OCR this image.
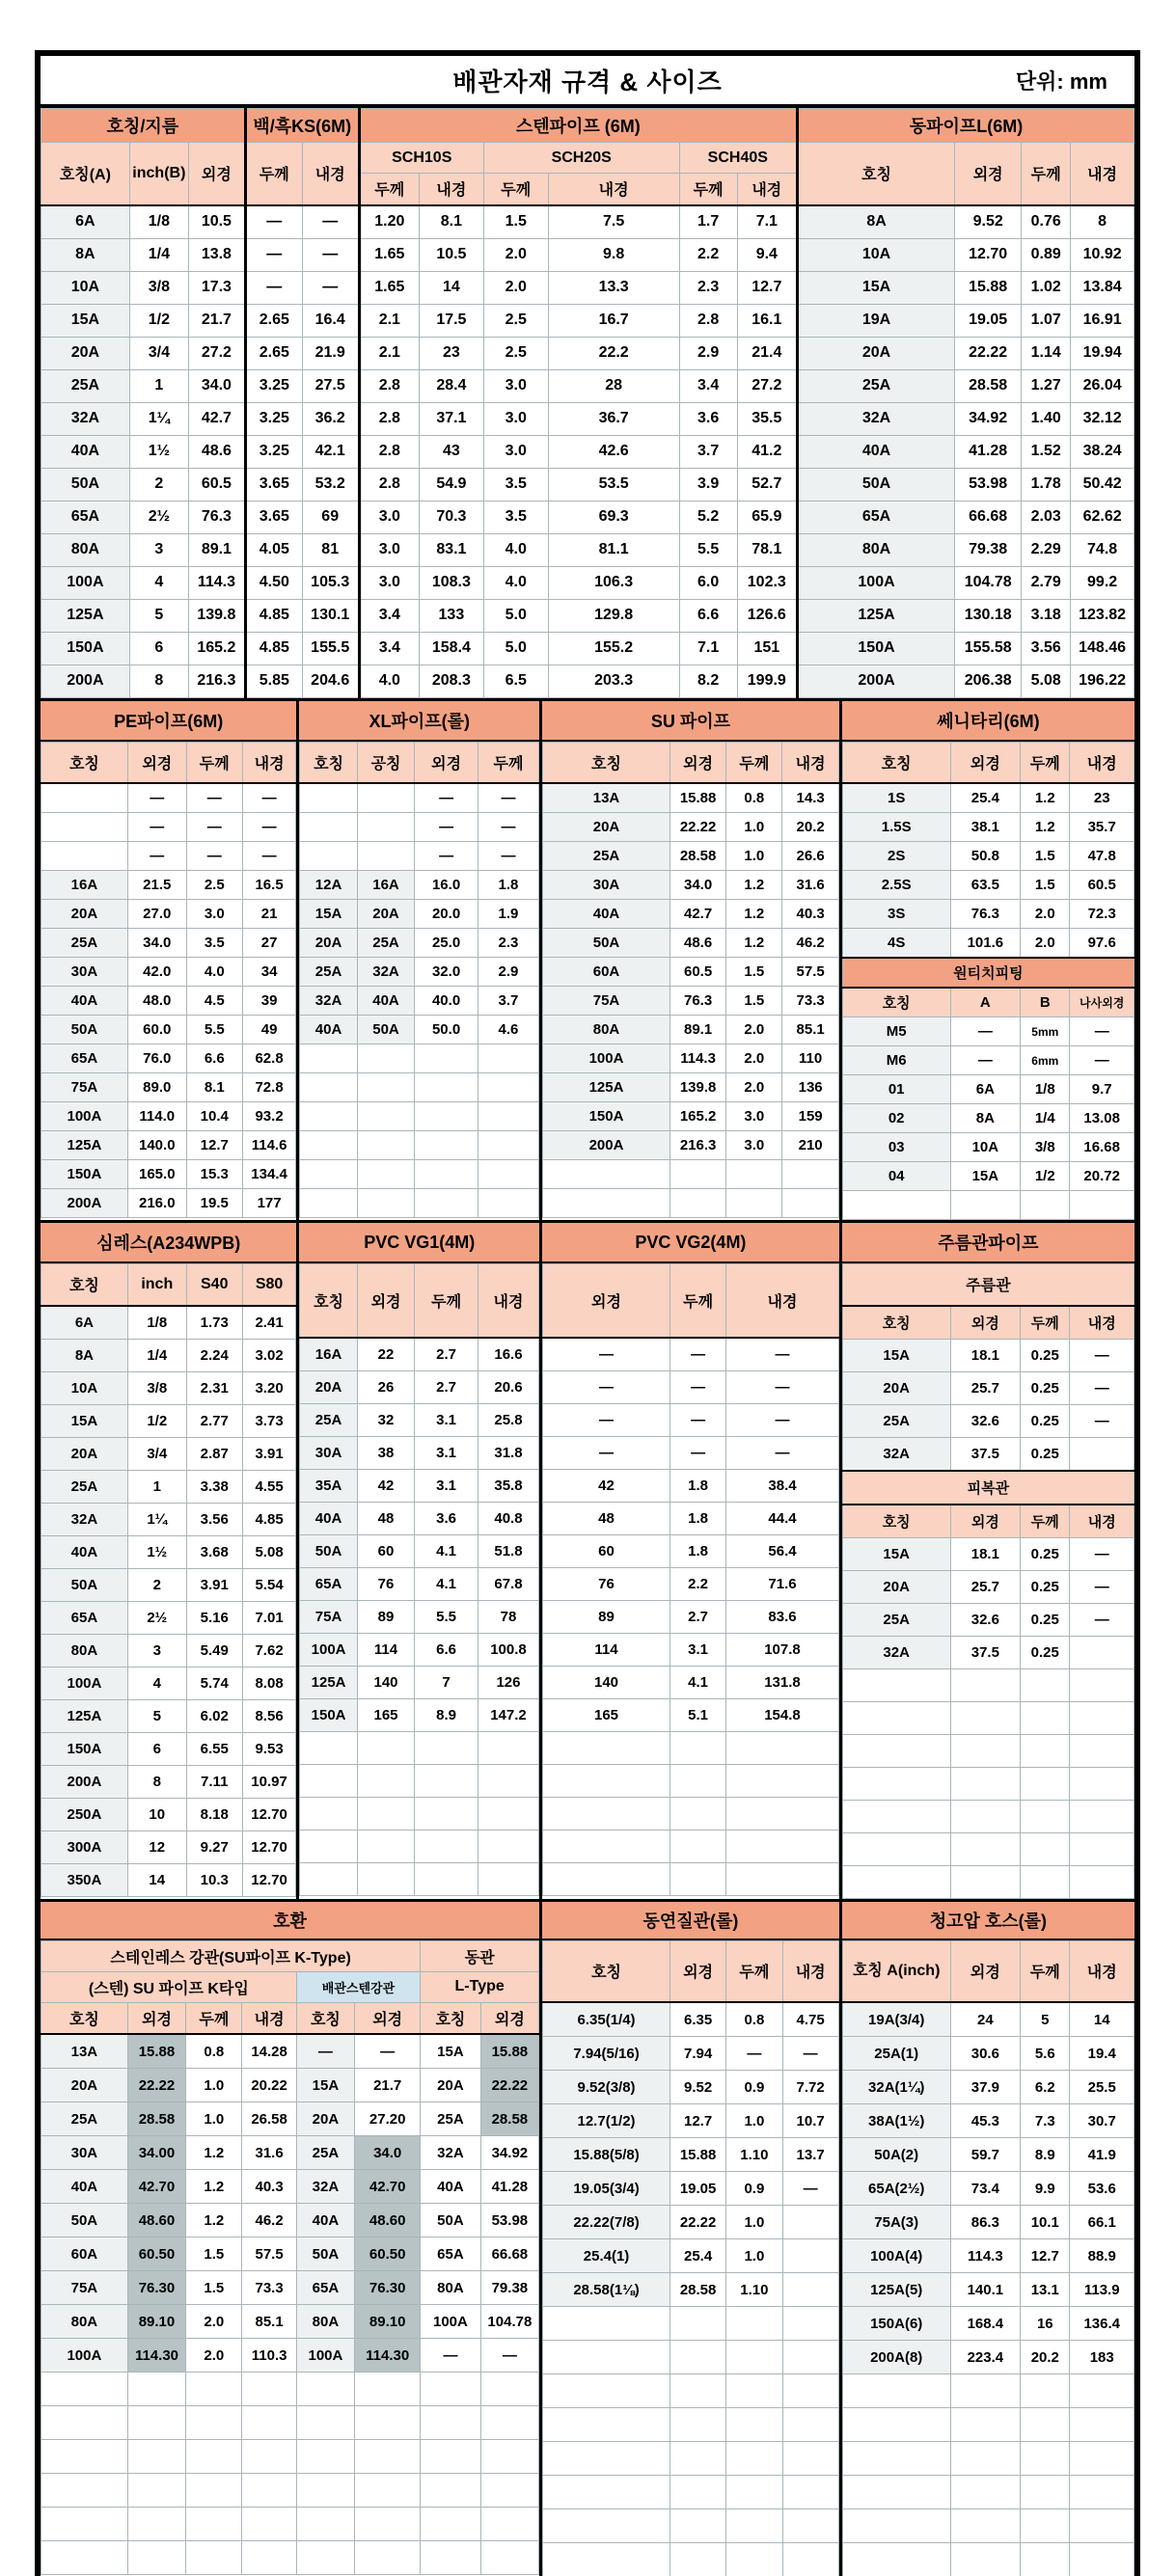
배관자재 규격 & 사이즈	단위: mm
호칭/지름			백/흑KS(6M)		스텐파이프 (6M)						동파이프L(6M)			
호칭(A)	inch(B)	외경	두께	내경	SCH10S		SCH20S		SCH40S		호칭	외경	두께	내경
					두께	내경	두께	내경	두께	내경				
6A	1/8	10.5	—	—	1.20	8.1	1.5	7.5	1.7	7.1	8A	9.52	0.76	8
8A	1/4	13.8	—	—	1.65	10.5	2.0	9.8	2.2	9.4	10A	12.70	0.89	10.92
10A	3/8	17.3	—	—	1.65	14	2.0	13.3	2.3	12.7	15A	15.88	1.02	13.84
15A	1/2	21.7	2.65	16.4	2.1	17.5	2.5	16.7	2.8	16.1	19A	19.05	1.07	16.91
20A	3/4	27.2	2.65	21.9	2.1	23	2.5	22.2	2.9	21.4	20A	22.22	1.14	19.94
25A	1	34.0	3.25	27.5	2.8	28.4	3.0	28	3.4	27.2	25A	28.58	1.27	26.04
32A	1¼	42.7	3.25	36.2	2.8	37.1	3.0	36.7	3.6	35.5	32A	34.92	1.40	32.12
40A	1½	48.6	3.25	42.1	2.8	43	3.0	42.6	3.7	41.2	40A	41.28	1.52	38.24
50A	2	60.5	3.65	53.2	2.8	54.9	3.5	53.5	3.9	52.7	50A	53.98	1.78	50.42
65A	2½	76.3	3.65	69	3.0	70.3	3.5	69.3	5.2	65.9	65A	66.68	2.03	62.62
80A	3	89.1	4.05	81	3.0	83.1	4.0	81.1	5.5	78.1	80A	79.38	2.29	74.8
100A	4	114.3	4.50	105.3	3.0	108.3	4.0	106.3	6.0	102.3	100A	104.78	2.79	99.2
125A	5	139.8	4.85	130.1	3.4	133	5.0	129.8	6.6	126.6	125A	130.18	3.18	123.82
150A	6	165.2	4.85	155.5	3.4	158.4	5.0	155.2	7.1	151	150A	155.58	3.56	148.46
200A	8	216.3	5.85	204.6	4.0	208.3	6.5	203.3	8.2	199.9	200A	206.38	5.08	196.22
PE파이프(6M)
호칭	외경	두께	내경
	—	—	—
	—	—	—
	—	—	—
16A	21.5	2.5	16.5
20A	27.0	3.0	21
25A	34.0	3.5	27
30A	42.0	4.0	34
40A	48.0	4.5	39
50A	60.0	5.5	49
65A	76.0	6.6	62.8
75A	89.0	8.1	72.8
100A	114.0	10.4	93.2
125A	140.0	12.7	114.6
150A	165.0	15.3	134.4
200A	216.0	19.5	177
XL파이프(롤)
호칭	공칭	외경	두께
		—	—
		—	—
		—	—
12A	16A	16.0	1.8
15A	20A	20.0	1.9
20A	25A	25.0	2.3
25A	32A	32.0	2.9
32A	40A	40.0	3.7
40A	50A	50.0	4.6

SU 파이프
호칭	외경	두께	내경
13A	15.88	0.8	14.3
20A	22.22	1.0	20.2
25A	28.58	1.0	26.6
30A	34.0	1.2	31.6
40A	42.7	1.2	40.3
50A	48.6	1.2	46.2
60A	60.5	1.5	57.5
75A	76.3	1.5	73.3
80A	89.1	2.0	85.1
100A	114.3	2.0	110
125A	139.8	2.0	136
150A	165.2	3.0	159
200A	216.3	3.0	210

쎄니타리(6M)
호칭	외경	두께	내경
1S	25.4	1.2	23
1.5S	38.1	1.2	35.7
2S	50.8	1.5	47.8
2.5S	63.5	1.5	60.5
3S	76.3	2.0	72.3
4S	101.6	2.0	97.6
원티치피팅			
호칭	A	B	나사외경
M5	—	5mm	—
M6	—	6mm	—
01	6A	1/8	9.7
02	8A	1/4	13.08
03	10A	3/8	16.68
04	15A	1/2	20.72

심레스(A234WPB)
호칭	inch	S40	S80
6A	1/8	1.73	2.41
8A	1/4	2.24	3.02
10A	3/8	2.31	3.20
15A	1/2	2.77	3.73
20A	3/4	2.87	3.91
25A	1	3.38	4.55
32A	1¼	3.56	4.85
40A	1½	3.68	5.08
50A	2	3.91	5.54
65A	2½	5.16	7.01
80A	3	5.49	7.62
100A	4	5.74	8.08
125A	5	6.02	8.56
150A	6	6.55	9.53
200A	8	7.11	10.97
250A	10	8.18	12.70
300A	12	9.27	12.70
350A	14	10.3	12.70
PVC VG1(4M)
호칭	외경	두께	내경
16A	22	2.7	16.6
20A	26	2.7	20.6
25A	32	3.1	25.8
30A	38	3.1	31.8
35A	42	3.1	35.8
40A	48	3.6	40.8
50A	60	4.1	51.8
65A	76	4.1	67.8
75A	89	5.5	78
100A	114	6.6	100.8
125A	140	7	126
150A	165	8.9	147.2

PVC VG2(4M)
외경	두께	내경
—	—	—
—	—	—
—	—	—
—	—	—
42	1.8	38.4
48	1.8	44.4
60	1.8	56.4
76	2.2	71.6
89	2.7	83.6
114	3.1	107.8
140	4.1	131.8
165	5.1	154.8

주름관파이프
주름관			
호칭	외경	두께	내경
15A	18.1	0.25	—
20A	25.7	0.25	—
25A	32.6	0.25	—
32A	37.5	0.25	
피복관			
호칭	외경	두께	내경
15A	18.1	0.25	—
20A	25.7	0.25	—
25A	32.6	0.25	—
32A	37.5	0.25	

호환
스테인레스 강관(SU파이프 K-Type)						동관	
(스텐) SU 파이프 K타입				배관스텐강관		L-Type	
호칭	외경	두께	내경	호칭	외경	호칭	외경
13A	15.88	0.8	14.28	—	—	15A	15.88
20A	22.22	1.0	20.22	15A	21.7	20A	22.22
25A	28.58	1.0	26.58	20A	27.20	25A	28.58
30A	34.00	1.2	31.6	25A	34.0	32A	34.92
40A	42.70	1.2	40.3	32A	42.70	40A	41.28
50A	48.60	1.2	46.2	40A	48.60	50A	53.98
60A	60.50	1.5	57.5	50A	60.50	65A	66.68
75A	76.30	1.5	73.3	65A	76.30	80A	79.38
80A	89.10	2.0	85.1	80A	89.10	100A	104.78
100A	114.30	2.0	110.3	100A	114.30	—	—

동연질관(롤)
호칭	외경	두께	내경
6.35(1/4)	6.35	0.8	4.75
7.94(5/16)	7.94	—	—
9.52(3/8)	9.52	0.9	7.72
12.7(1/2)	12.7	1.0	10.7
15.88(5/8)	15.88	1.10	13.7
19.05(3/4)	19.05	0.9	—
22.22(7/8)	22.22	1.0	
25.4(1)	25.4	1.0	
28.58(1⅛)	28.58	1.10	

청고압 호스(롤)
호칭 A(inch)	외경	두께	내경
19A(3/4)	24	5	14
25A(1)	30.6	5.6	19.4
32A(1¼)	37.9	6.2	25.5
38A(1½)	45.3	7.3	30.7
50A(2)	59.7	8.9	41.9
65A(2½)	73.4	9.9	53.6
75A(3)	86.3	10.1	66.1
100A(4)	114.3	12.7	88.9
125A(5)	140.1	13.1	113.9
150A(6)	168.4	16	136.4
200A(8)	223.4	20.2	183
